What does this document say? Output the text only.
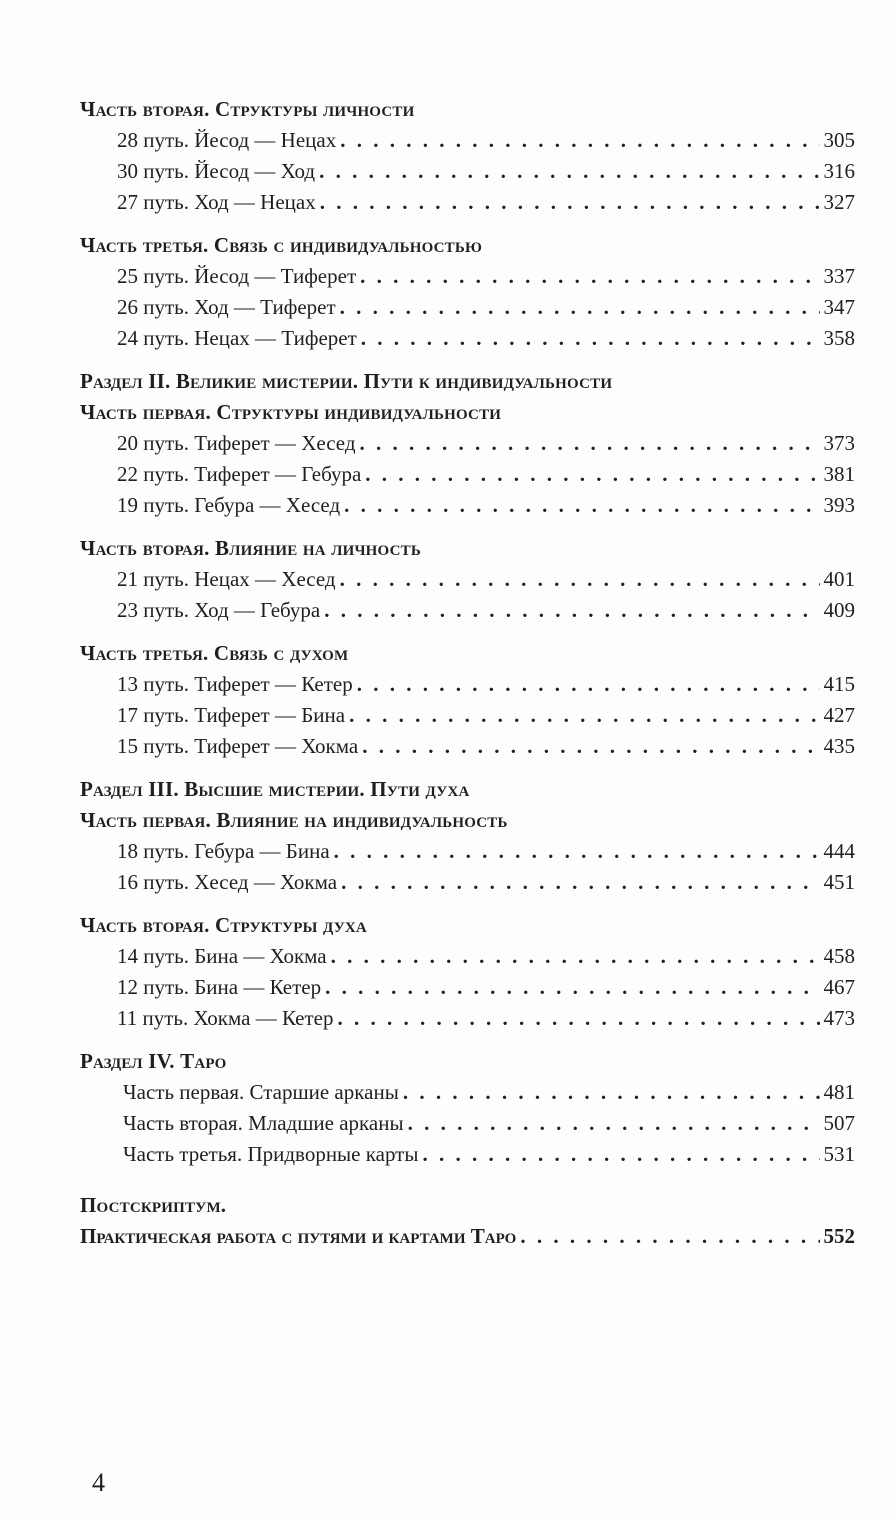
Часть вторая. Структуры личности
28 путь. Йесод — Нецах . . .	305
30 путь. Йесод — Ход . . .	316
27 путь. Ход — Нецах . . .	327
Часть третья. Связь с индивидуальностью
25 путь. Йесод — Тиферет . . .	337
26 путь. Ход — Тиферет . . .	347
24 путь. Нецах — Тиферет . . .	358
Раздел II. Великие мистерии. Пути к индивидуальности
Часть первая. Структуры индивидуальности
20 путь. Тиферет — Хесед . . .	373
22 путь. Тиферет — Гебура . . .	381
19 путь. Гебура — Хесед . . .	393
Часть вторая. Влияние на личность
21 путь. Нецах — Хесед . . .	401
23 путь. Ход — Гебура . . .	409
Часть третья. Связь с духом
13 путь. Тиферет — Кетер . . .	415
17 путь. Тиферет — Бина . . .	427
15 путь. Тиферет — Хокма . . .	435
Раздел III. Высшие мистерии. Пути духа
Часть первая. Влияние на индивидуальность
18 путь. Гебура — Бина . . .	444
16 путь. Хесед — Хокма . . .	451
Часть вторая. Структуры духа
14 путь. Бина — Хокма . . .	458
12 путь. Бина — Кетер . . .	467
11 путь. Хокма — Кетер . . .	473
Раздел IV. Таро
Часть первая. Старшие арканы . . .	481
Часть вторая. Младшие арканы . . .	507
Часть третья. Придворные карты . . .	531
Постскриптум.
Практическая работа с путями и картами Таро . . .	552
4
